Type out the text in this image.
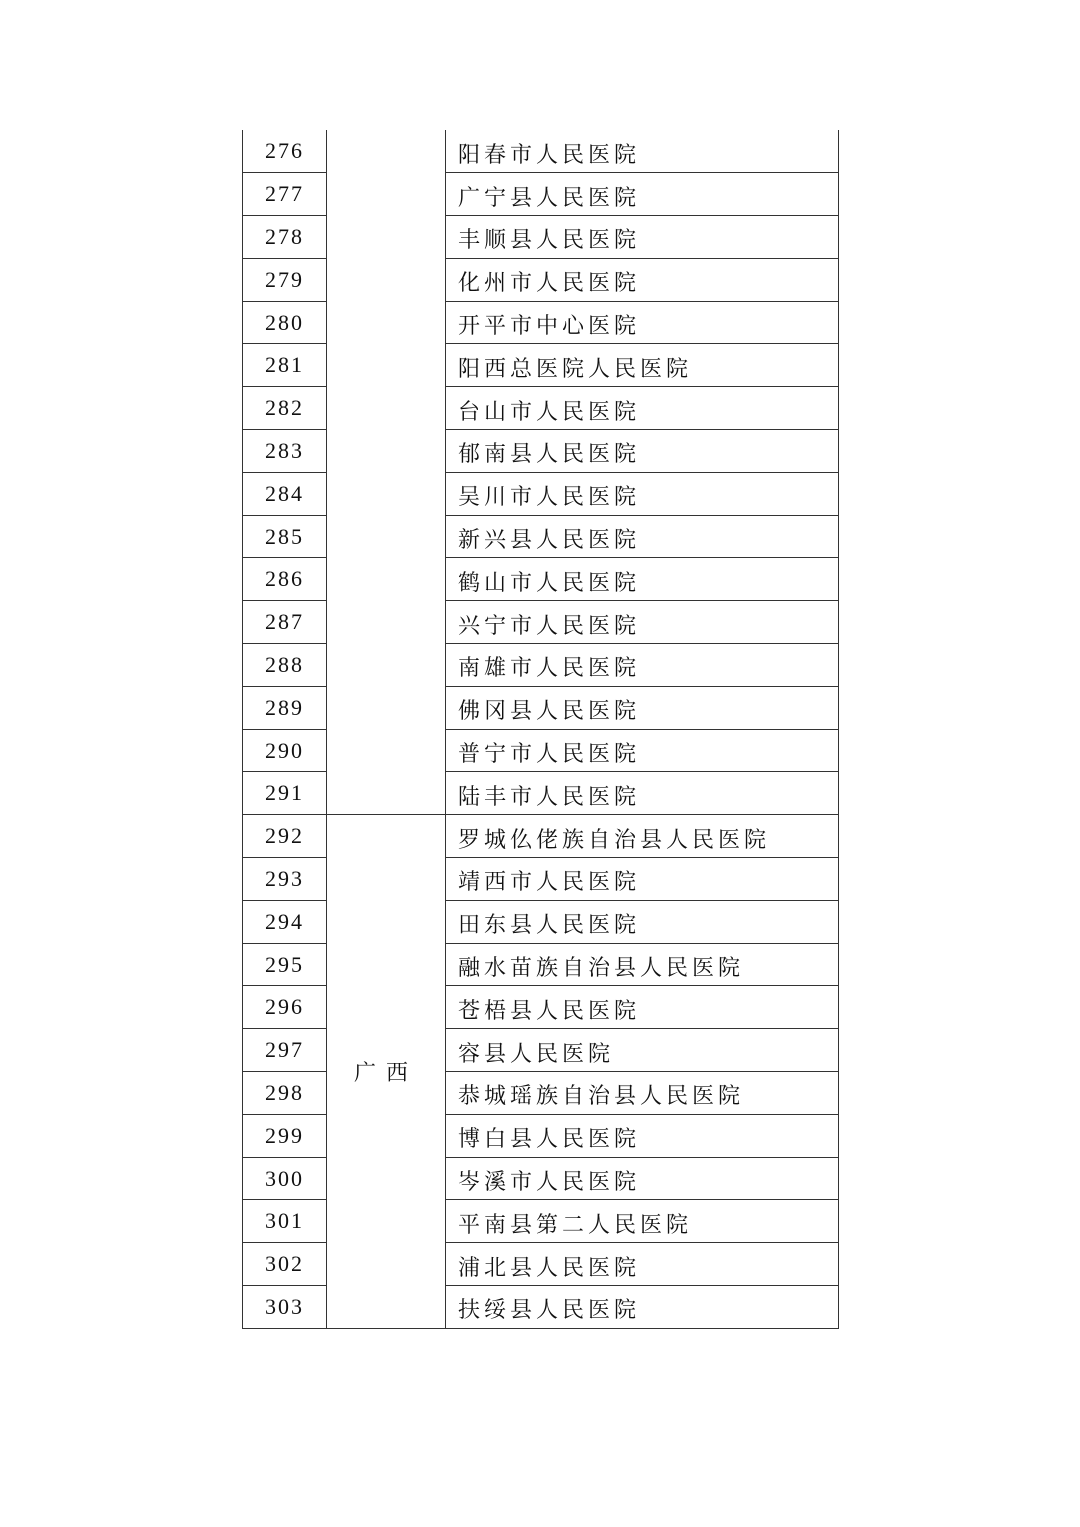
276		阳春市人民医院
277		广宁县人民医院
278		丰顺县人民医院
279		化州市人民医院
280		开平市中心医院
281		阳西总医院人民医院
282		台山市人民医院
283		郁南县人民医院
284		吴川市人民医院
285		新兴县人民医院
286		鹤山市人民医院
287		兴宁市人民医院
288		南雄市人民医院
289		佛冈县人民医院
290		普宁市人民医院
291		陆丰市人民医院
292	广西	罗城仫佬族自治县人民医院
293		靖西市人民医院
294		田东县人民医院
295		融水苗族自治县人民医院
296		苍梧县人民医院
297		容县人民医院
298		恭城瑶族自治县人民医院
299		博白县人民医院
300		岑溪市人民医院
301		平南县第二人民医院
302		浦北县人民医院
303		扶绥县人民医院
